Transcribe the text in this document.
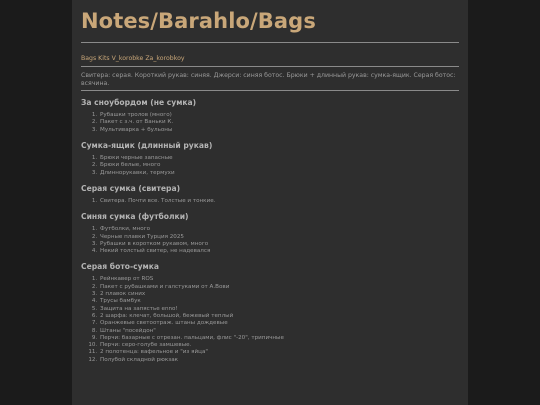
Notes/Barahlo/Bags
Bags Kits V_korobke Za_korobkoy
Свитера: серая. Короткий рукав: синяя. Джерси: синяя ботос. Брюки + длинный рукав: сумка-ящик. Серая ботос: всячина.
За сноубордом (не сумка)
1. Рубашки тролов (много)
2. Пакет с з.ч. от Ваньки К.
3. Мультиварка + бульоны
Сумка-ящик (длинный рукав)
1. Брюки черные запасные
2. Брюки белые, много
3. Длиннорукавки, термухи
Серая сумка (свитера)
1. Свитера. Почти все. Толстые и тонкие.
Синяя сумка (футболки)
1. Футболки, много
2. Черные плавки Турция 2025
3. Рубашки в коротком рукавом, много
4. Некий толстый свитер, не надевался
Серая бото-сумка
1. Рейнкавер от ROS
2. Пакет с рубашками и галстуками от А.Вови
3. 2 плавок синих
4. Трусы бамбук
5. Защита на запястье enno!
6. 2 шарфа: клечат, большой, бежевый теплый
7. Оранжевые светоотраж. штаны дождевые
8. Штаны "посейдон"
9. Перчи: базарные с отрезан. пальцами, флис "-20", трипичные
10. Перчи: серо-голубе замшевые.
11. 2 полотенца: вафельное и "из яйца"
12. Полубой складной рюкзак
